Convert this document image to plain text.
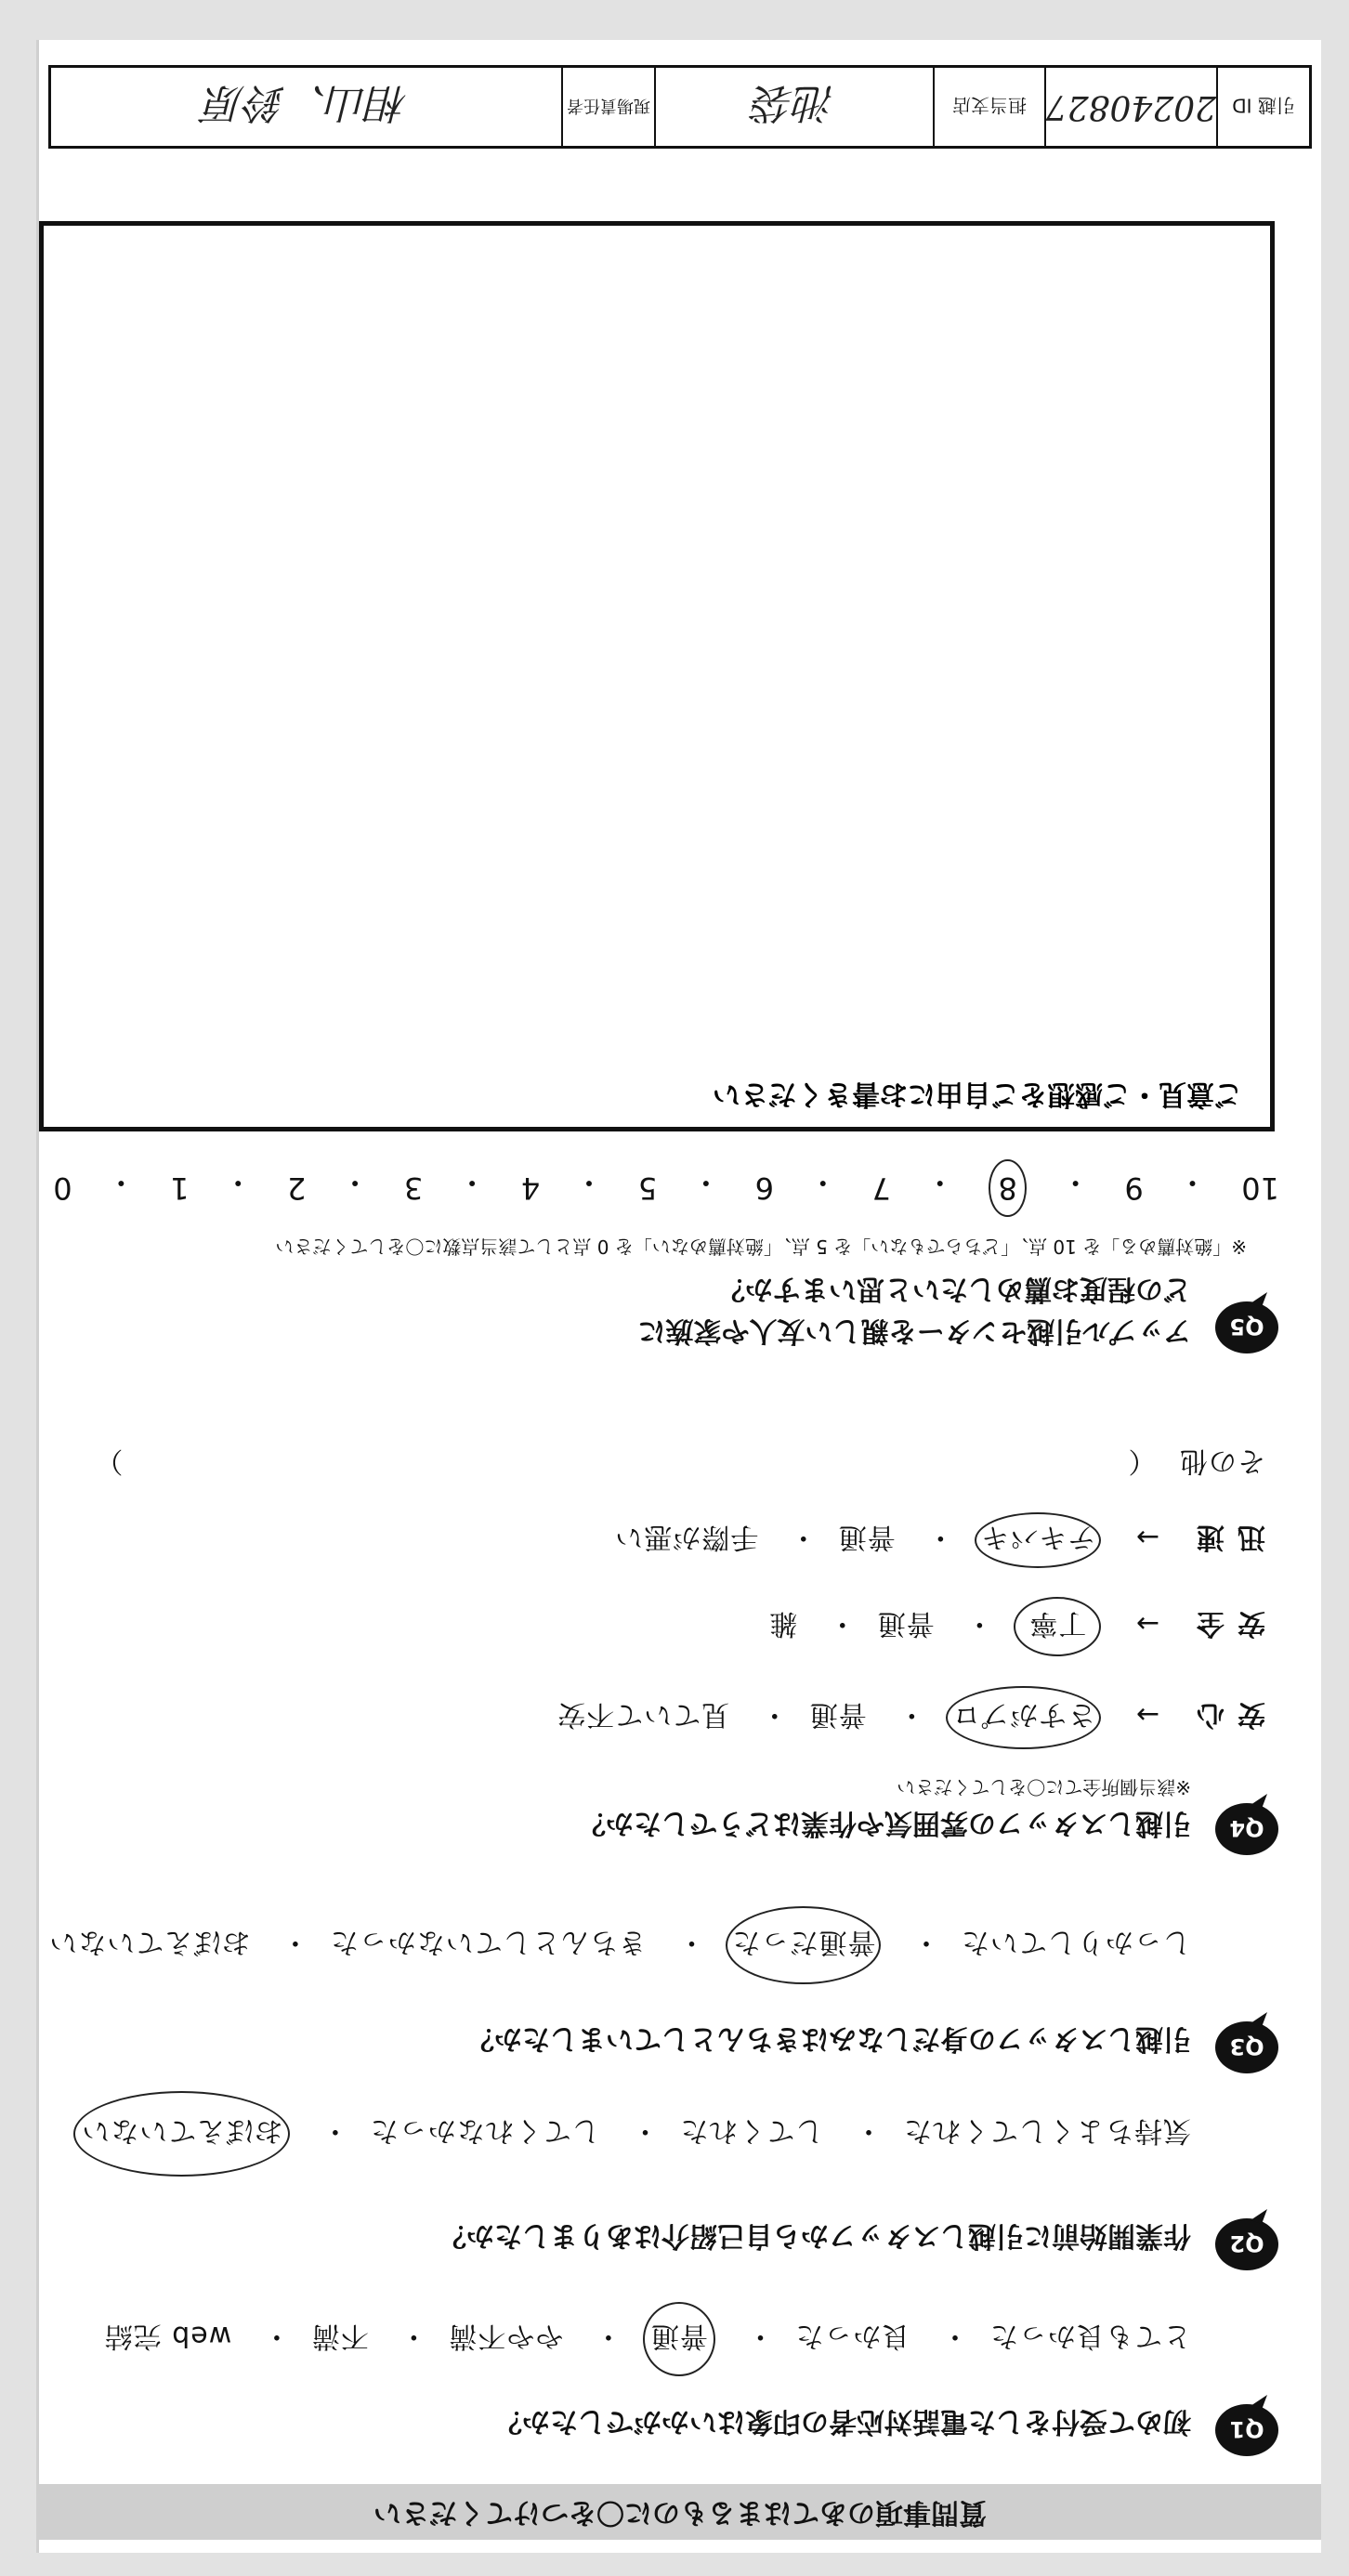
質問事項のあてはまるものに〇をつけてください
Q1
初めて受付をした電話対応者の印象はいかがでしたか？
とても良かった・ 良かった・ 普通・ やや不満・ 不満・ web 完結
Q2
作業開始前に引越しスタッフから自己紹介はありましたか？
気持ちよくしてくれた・ してくれた・ してくれなかった・ おぼえていない
Q3
引越しスタッフの身だしなみはきちんとしていましたか？
しっかりしていた・ 普通だった・ きちんとしていなかった・ おぼえていない
Q4
引越しスタッフの雰囲気や作業はどうでしたか？
※該当個所全てに〇をしてください
安心→ さすがプロ・ 普通・ 見ていて不安
安全→ 丁寧・ 普通・ 雑
迅速→ テキパキ・ 普通・ 手際が悪い
その他 （  ）
Q5
アップル引越センターを親しい友人や家族に
どの程度お薦めしたいと思いますか？
※「絶対薦める」を 10 点、「どちらでもない」を 5 点、「絶対薦めない」を 0 点として該当点数に〇をしてください
10
・
9
・
8
・
7
・
6
・
5
・
4
・
3
・
2
・
1
・
0
ご意見・ご感想をご自由にお書きください
引越 ID
20240827
担当支店
池袋
現場責任者
相山、鈴原
